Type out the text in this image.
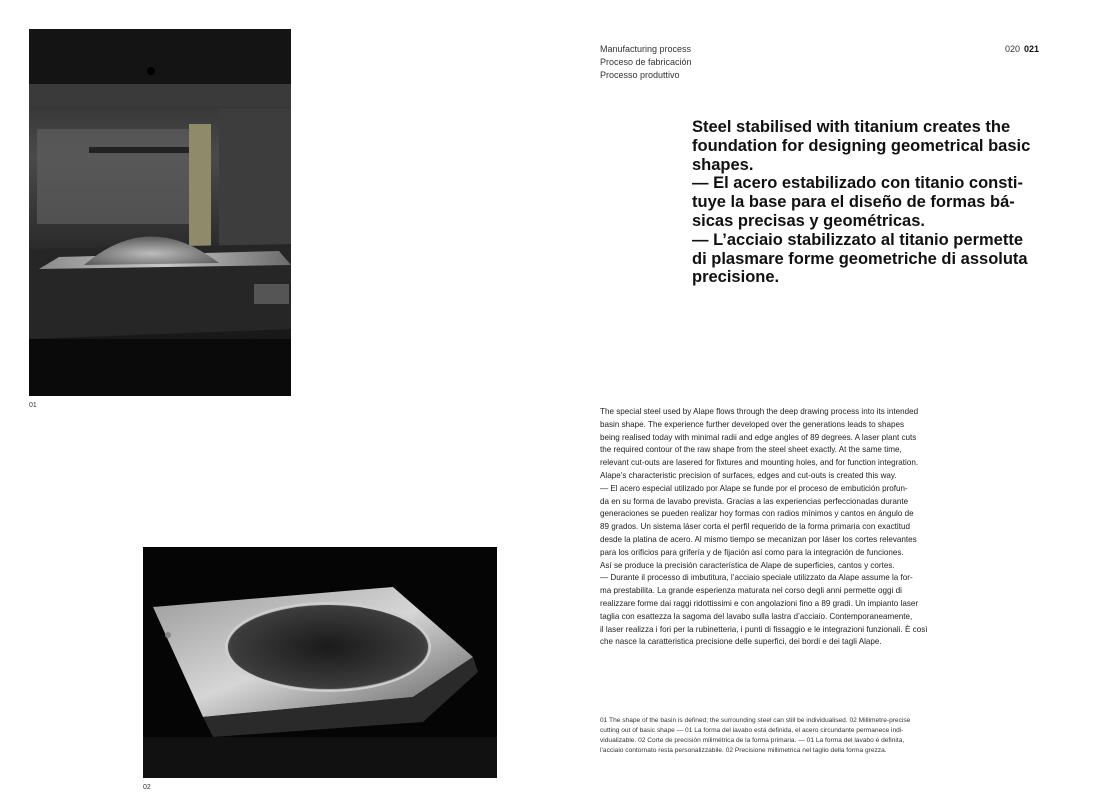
01
02
Manufacturing process
Proceso de fabricación
Processo produttivo
020 021
Steel stabilised with titanium creates the
foundation for designing geometrical basic
shapes.
— El acero estabilizado con titanio consti-
tuye la base para el diseño de formas bá-
sicas precisas y geométricas.
— L’acciaio stabilizzato al titanio permette
di plasmare forme geometriche di assoluta
precisione.
The special steel used by Alape flows through the deep drawing process into its intended
basin shape. The experience further developed over the generations leads to shapes
being realised today with minimal radii and edge angles of 89 degrees. A laser plant cuts
the required contour of the raw shape from the steel sheet exactly. At the same time,
relevant cut-outs are lasered for fixtures and mounting holes, and for function integration.
Alape’s characteristic precision of surfaces, edges and cut-outs is created this way.
— El acero especial utilizado por Alape se funde por el proceso de embutición profun-
da en su forma de lavabo prevista. Gracias a las experiencias perfeccionadas durante
generaciones se pueden realizar hoy formas con radios mínimos y cantos en ángulo de
89 grados. Un sistema láser corta el perfil requerido de la forma primaria con exactitud
desde la platina de acero. Al mismo tiempo se mecanizan por láser los cortes relevantes
para los orificios para grifería y de fijación así como para la integración de funciones.
Así se produce la precisión característica de Alape de superficies, cantos y cortes.
— Durante il processo di imbutitura, l’acciaio speciale utilizzato da Alape assume la for-
ma prestabilita. La grande esperienza maturata nel corso degli anni permette oggi di
realizzare forme dai raggi ridottissimi e con angolazioni fino a 89 gradi. Un impianto laser
taglia con esattezza la sagoma del lavabo sulla lastra d’acciaio. Contemporaneamente,
il laser realizza i fori per la rubinetteria, i punti di fissaggio e le integrazioni funzionali. È così
che nasce la caratteristica precisione delle superfici, dei bordi e dei tagli Alape.
01 The shape of the basin is defined; the surrounding steel can still be individualised. 02 Millimetre-precise
cutting out of basic shape — 01 La forma del lavabo está definida, el acero circundante permanece indi-
vidualizable. 02 Corte de precisión milimétrica de la forma primaria. — 01 La forma del lavabo è definita,
l’acciaio contornato resta personalizzabile. 02 Precisione millimetrica nel taglio della forma grezza.
